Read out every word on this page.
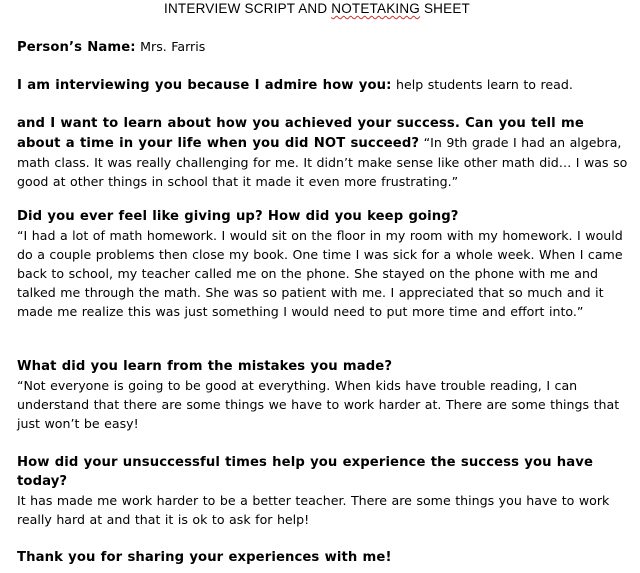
INTERVIEW SCRIPT AND NOTETAKING SHEET

Person’s Name: Mrs. Farris

I am interviewing you because I admire how you: help students learn to read.

and I want to learn about how you achieved your success. Can you tell me about a time in your life when you did NOT succeed? “In 9th grade I had an algebra, math class. It was really challenging for me. It didn’t make sense like other math did… I was so good at other things in school that it made it even more frustrating.”

Did you ever feel like giving up? How did you keep going?
“I had a lot of math homework. I would sit on the floor in my room with my homework. I would do a couple problems then close my book. One time I was sick for a whole week. When I came back to school, my teacher called me on the phone. She stayed on the phone with me and talked me through the math. She was so patient with me. I appreciated that so much and it made me realize this was just something I would need to put more time and effort into.”

What did you learn from the mistakes you made?
“Not everyone is going to be good at everything. When kids have trouble reading, I can understand that there are some things we have to work harder at. There are some things that just won’t be easy!

How did your unsuccessful times help you experience the success you have today?
It has made me work harder to be a better teacher. There are some things you have to work really hard at and that it is ok to ask for help!

Thank you for sharing your experiences with me!
